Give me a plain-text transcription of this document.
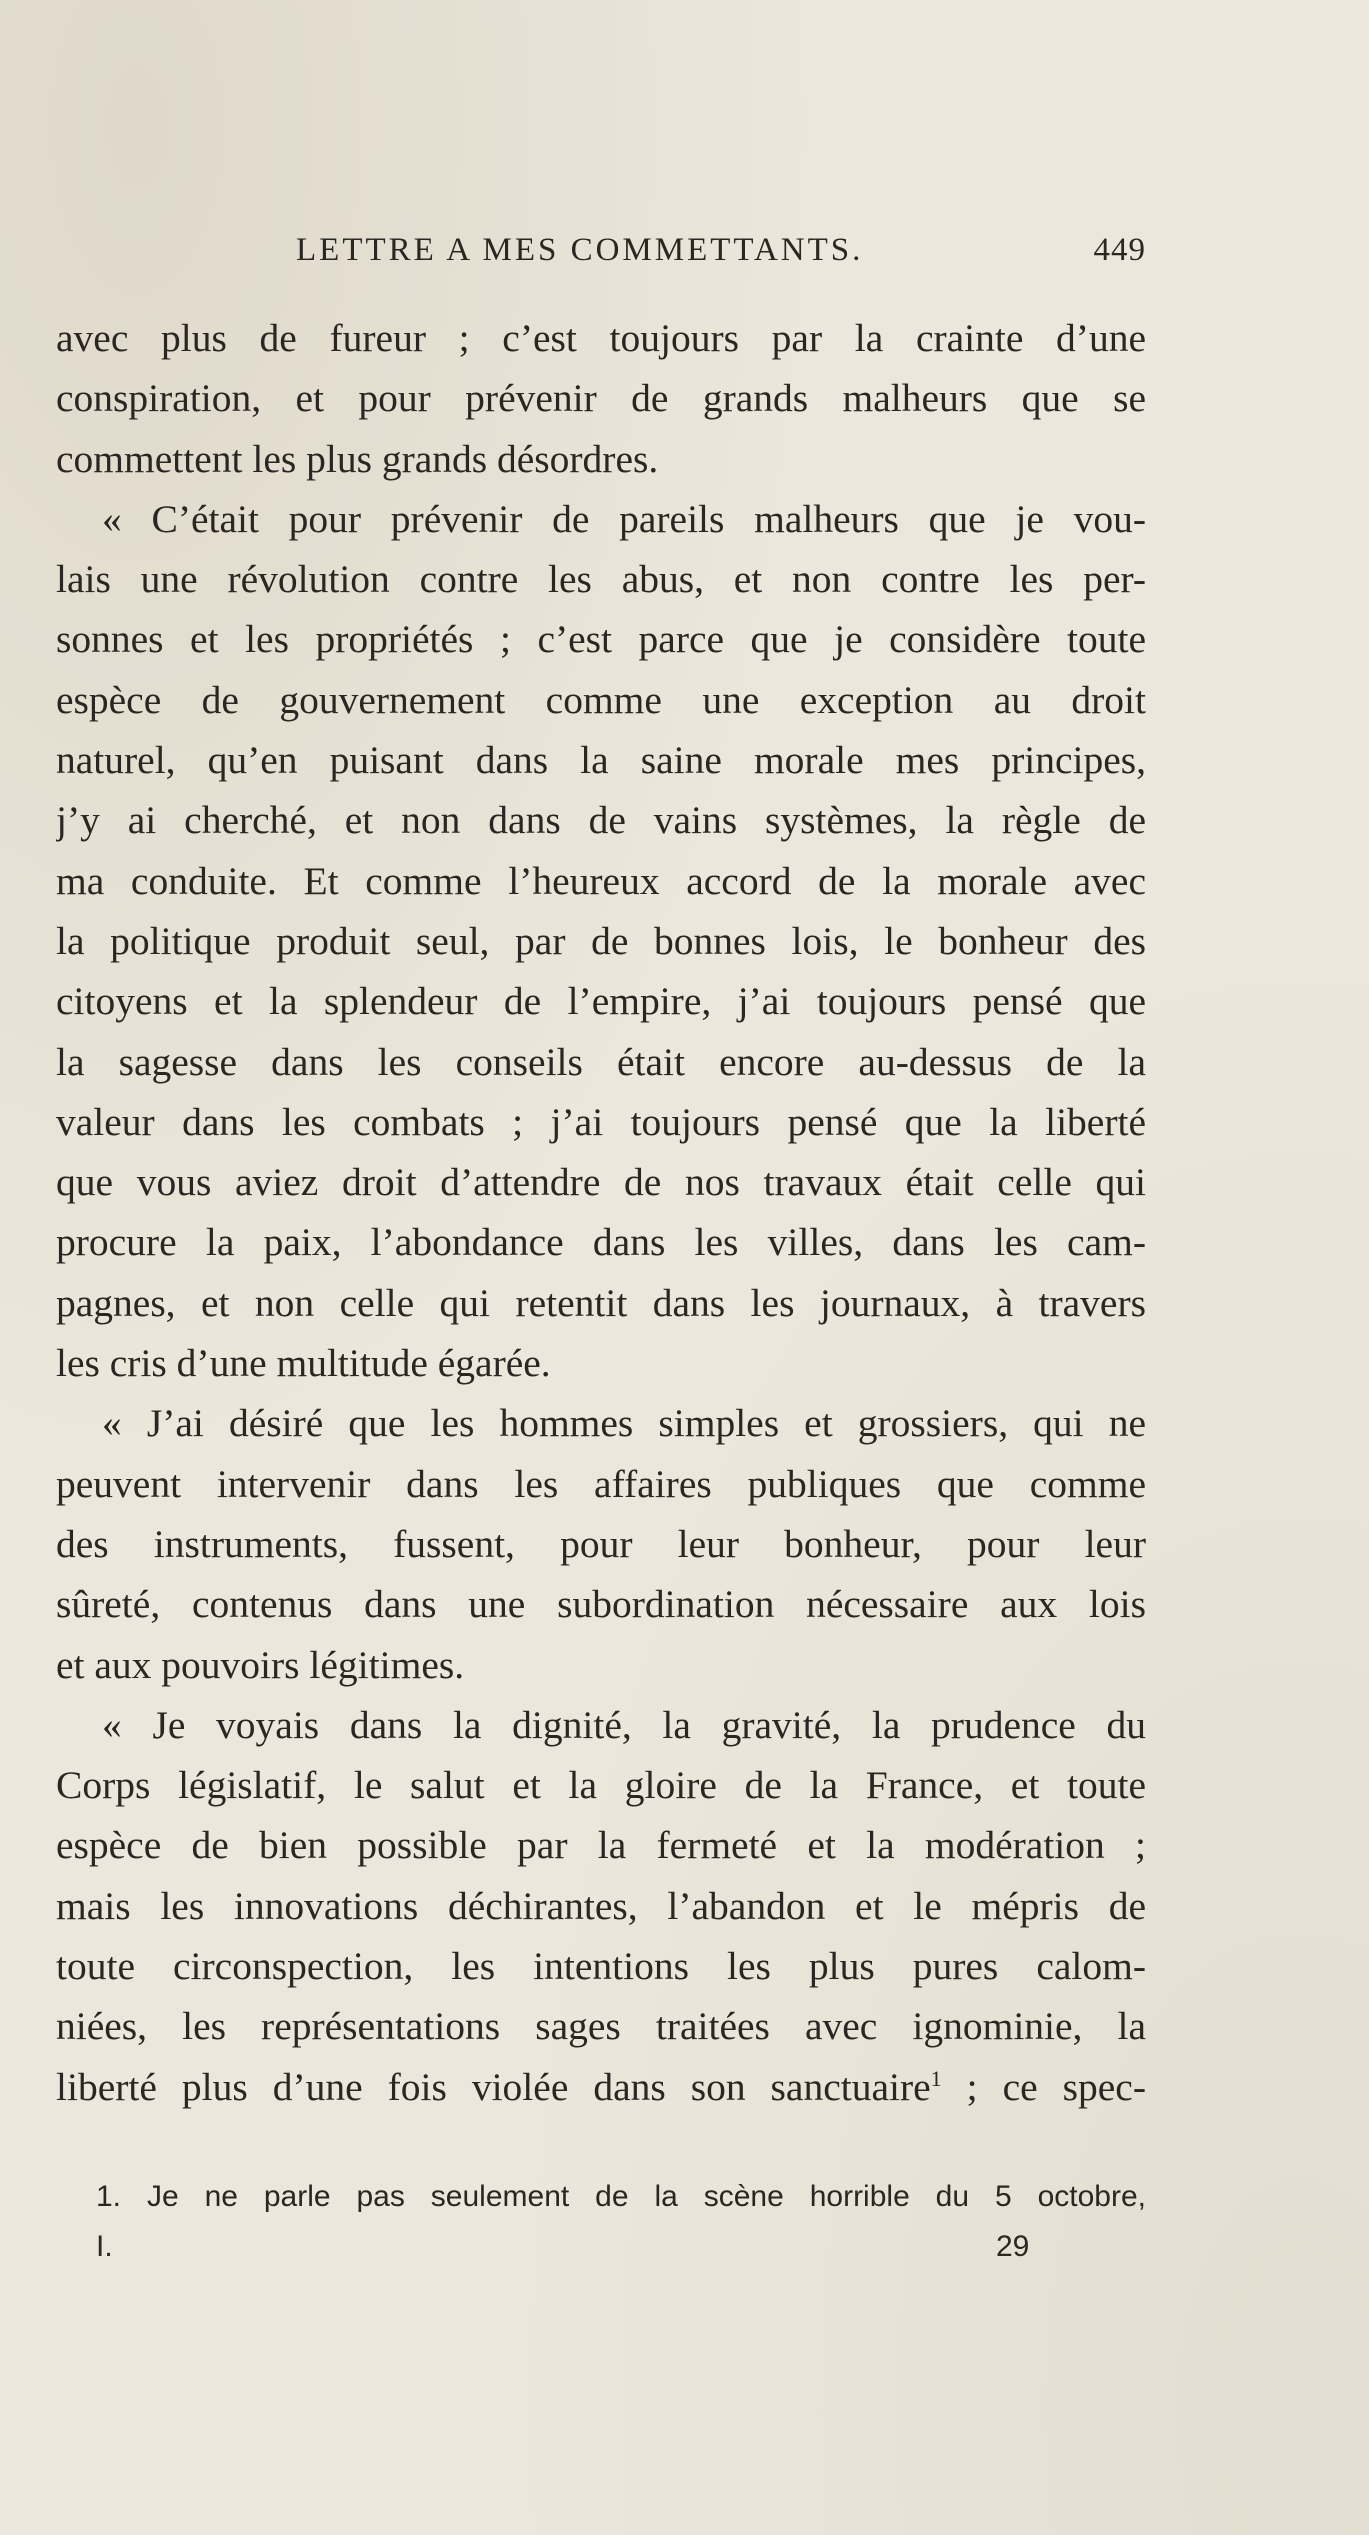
LETTRE A MES COMMETTANTS.	449
avec plus de fureur ; c’est toujours par la crainte d’une
conspiration, et pour prévenir de grands malheurs que se
commettent les plus grands désordres.
« C’était pour prévenir de pareils malheurs que je vou-
lais une révolution contre les abus, et non contre les per-
sonnes et les propriétés ; c’est parce que je considère toute
espèce de gouvernement comme une exception au droit
naturel, qu’en puisant dans la saine morale mes principes,
j’y ai cherché, et non dans de vains systèmes, la règle de
ma conduite. Et comme l’heureux accord de la morale avec
la politique produit seul, par de bonnes lois, le bonheur des
citoyens et la splendeur de l’empire, j’ai toujours pensé que
la sagesse dans les conseils était encore au-dessus de la
valeur dans les combats ; j’ai toujours pensé que la liberté
que vous aviez droit d’attendre de nos travaux était celle qui
procure la paix, l’abondance dans les villes, dans les cam-
pagnes, et non celle qui retentit dans les journaux, à travers
les cris d’une multitude égarée.
« J’ai désiré que les hommes simples et grossiers, qui ne
peuvent intervenir dans les affaires publiques que comme
des instruments, fussent, pour leur bonheur, pour leur
sûreté, contenus dans une subordination nécessaire aux lois
et aux pouvoirs légitimes.
« Je voyais dans la dignité, la gravité, la prudence du
Corps législatif, le salut et la gloire de la France, et toute
espèce de bien possible par la fermeté et la modération ;
mais les innovations déchirantes, l’abandon et le mépris de
toute circonspection, les intentions les plus pures calom-
niées, les représentations sages traitées avec ignominie, la
liberté plus d’une fois violée dans son sanctuaire$^1$ ; ce spec-
1. Je ne parle pas seulement de la scène horrible du 5 octobre,
I.	29
